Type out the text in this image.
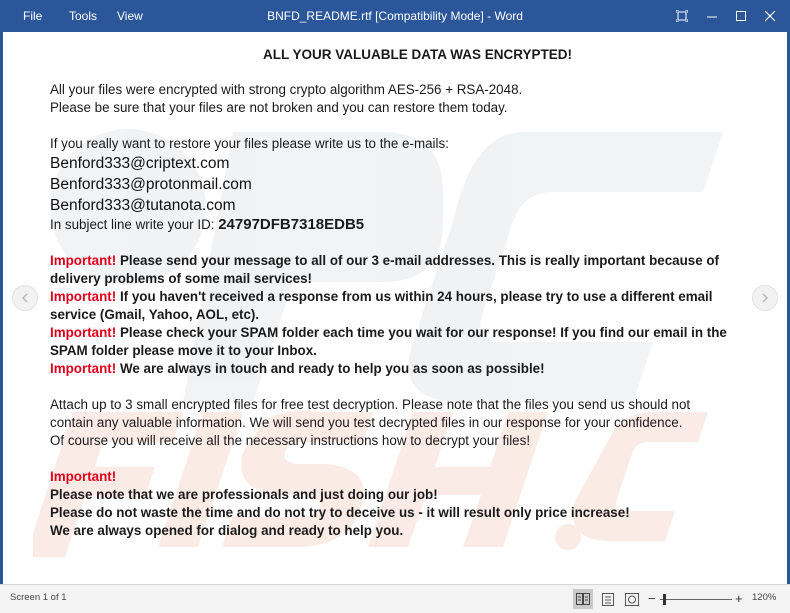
File Tools View	BNFD_README.rtf [Compatibility Mode] - Word
ALL YOUR VALUABLE DATA WAS ENCRYPTED!
All your files were encrypted with strong crypto algorithm AES-256 + RSA-2048.
Please be sure that your files are not broken and you can restore them today.
If you really want to restore your files please write us to the e-mails:
Benford333@criptext.com
Benford333@protonmail.com
Benford333@tutanota.com
In subject line write your ID: 24797DFB7318EDB5
Important! Please send your message to all of our 3 e-mail addresses. This is really important because of delivery problems of some mail services!
Important! If you haven't received a response from us within 24 hours, please try to use a different email service (Gmail, Yahoo, AOL, etc).
Important! Please check your SPAM folder each time you wait for our response! If you find our email in the SPAM folder please move it to your Inbox.
Important! We are always in touch and ready to help you as soon as possible!
Attach up to 3 small encrypted files for free test decryption. Please note that the files you send us should not
contain any valuable information. We will send you test decrypted files in our response for your confidence.
Of course you will receive all the necessary instructions how to decrypt your files!
Important!
Please note that we are professionals and just doing our job!
Please do not waste the time and do not try to deceive us - it will result only price increase!
We are always opened for dialog and ready to help you.
Screen 1 of 1	−	+ 120%
